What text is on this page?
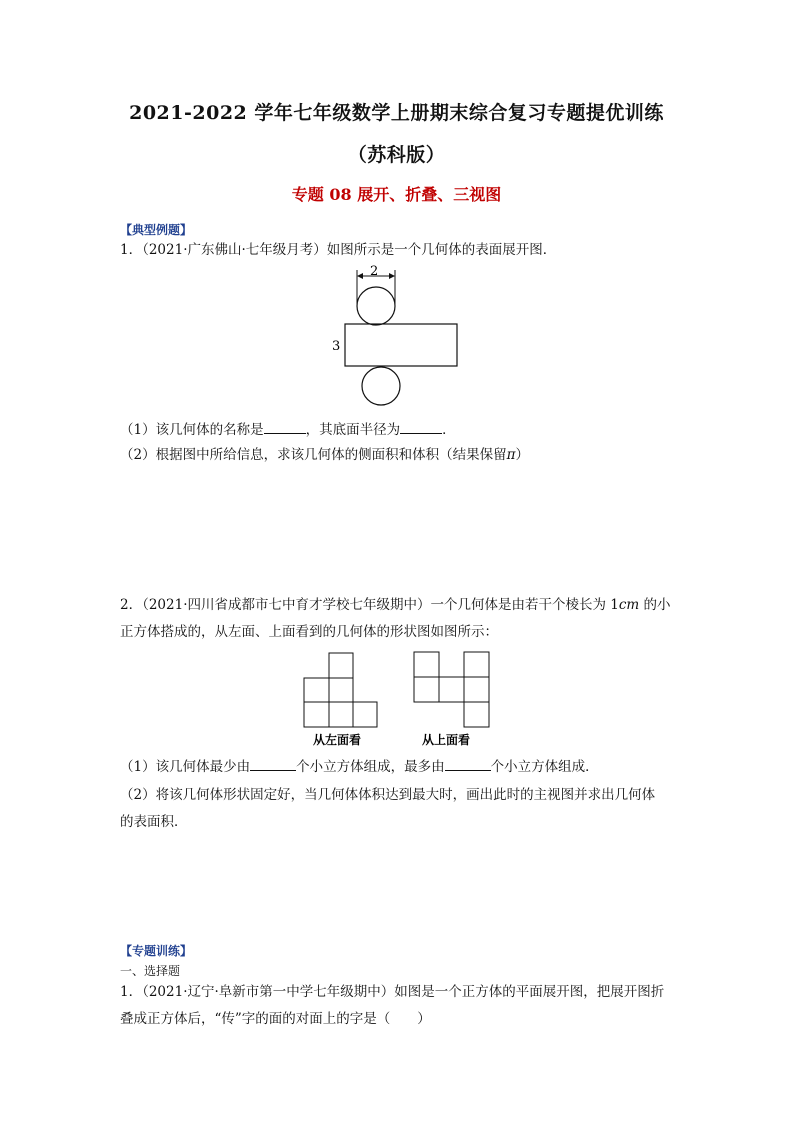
2021-2022 学年七年级数学上册期末综合复习专题提优训练
（苏科版）
专题 08 展开、折叠、三视图
【典型例题】
1．（2021·广东佛山·七年级月考）如图所示是一个几何体的表面展开图．
2
3
（1）该几何体的名称是	，其底面半径为	．
（2）根据图中所给信息，求该几何体的侧面积和体积（结果保留π）
2．（2021·四川省成都市七中育才学校七年级期中）一个几何体是由若干个棱长为 1cm 的小
正方体搭成的，从左面、上面看到的几何体的形状图如图所示：
从左面看	从上面看
（1）该几何体最少由	个小立方体组成，最多由	个小立方体组成．
（2）将该几何体形状固定好，当几何体体积达到最大时，画出此时的主视图并求出几何体
的表面积．
【专题训练】
一、选择题
1．（2021·辽宁·阜新市第一中学七年级期中）如图是一个正方体的平面展开图，把展开图折
叠成正方体后，“传”字的面的对面上的字是（　　）
